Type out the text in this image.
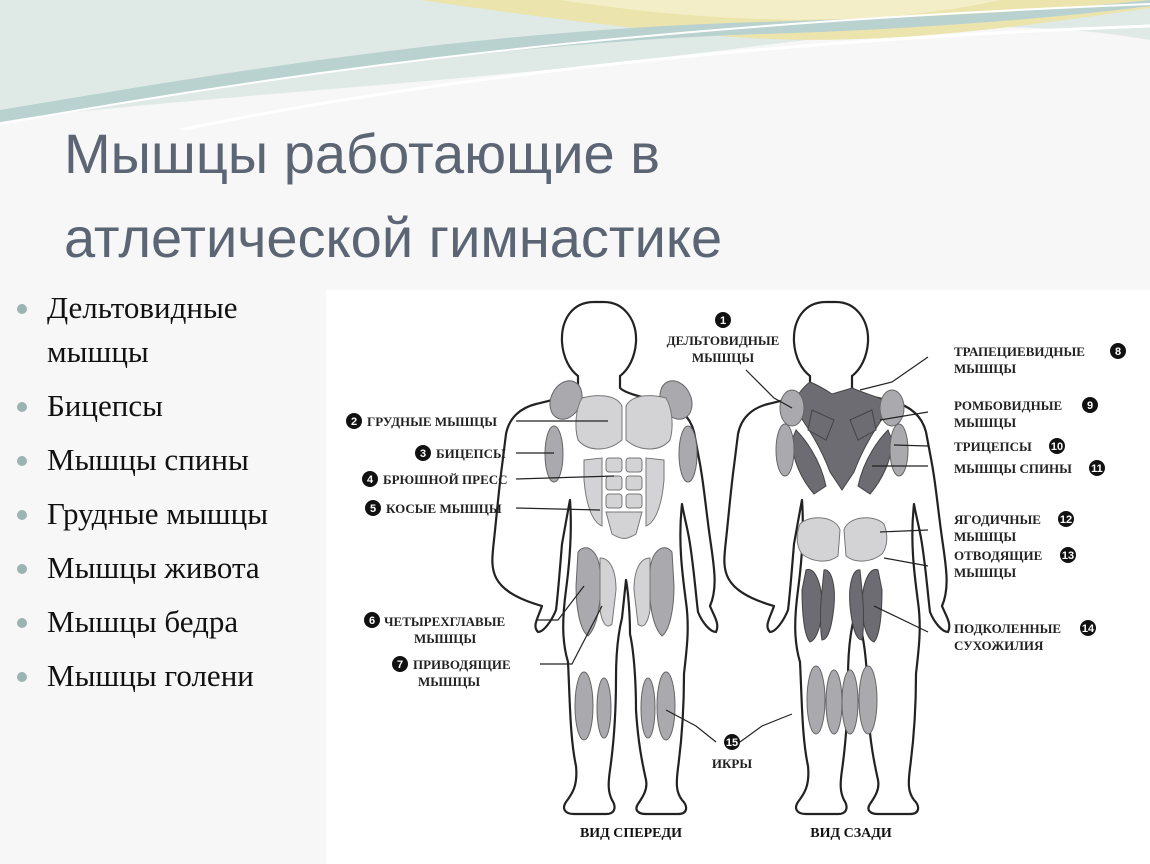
Мышцы работающие в атлетической гимнастике
Дельтовидные мышцы
Бицепсы
Мышцы спины
Грудные мышцы
Мышцы живота
Мышцы бедра
Мышцы голени
1
ДЕЛЬТОВИДНЫЕ
МЫШЦЫ
2 ГРУДНЫЕ МЫШЦЫ
3 БИЦЕПСЫ
4 БРЮШНОЙ ПРЕСС
5 КОСЫЕ МЫШЦЫ
6 ЧЕТЫРЕХГЛАВЫЕ
МЫШЦЫ
7 ПРИВОДЯЩИЕ
МЫШЦЫ
ТРАПЕЦИЕВИДНЫЕ
МЫШЦЫ
8
РОМБОВИДНЫЕ
МЫШЦЫ
9
ТРИЦЕПСЫ 10
МЫШЦЫ СПИНЫ 11
ЯГОДИЧНЫЕ
МЫШЦЫ
12
ОТВОДЯЩИЕ
МЫШЦЫ
13
ПОДКОЛЕННЫЕ
СУХОЖИЛИЯ
14
15
ИКРЫ
ВИД СПЕРЕДИ	ВИД СЗАДИ
